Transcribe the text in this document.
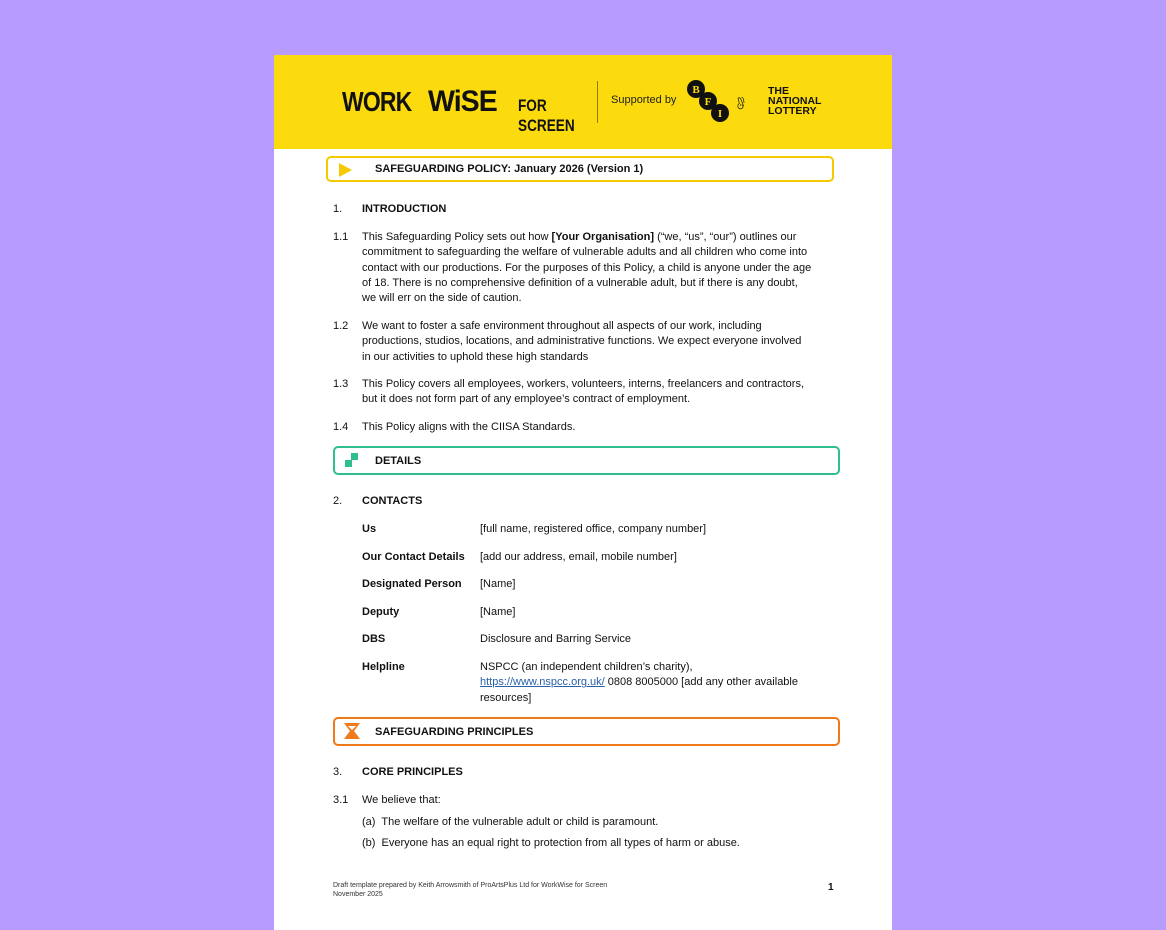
WORK WiSE	FOR SCREEN
Supported by
B
F
I
THE
NATIONAL
LOTTERY
SAFEGUARDING POLICY: January 2026 (Version 1)
1. INTRODUCTION
1.1 This Safeguarding Policy sets out how [Your Organisation] (“we, “us”, “our”) outlines our
commitment to safeguarding the welfare of vulnerable adults and all children who come into
contact with our productions. For the purposes of this Policy, a child is anyone under the age
of 18. There is no comprehensive definition of a vulnerable adult, but if there is any doubt,
we will err on the side of caution.
1.2 We want to foster a safe environment throughout all aspects of our work, including
productions, studios, locations, and administrative functions. We expect everyone involved
in our activities to uphold these high standards
1.3 This Policy covers all employees, workers, volunteers, interns, freelancers and contractors,
but it does not form part of any employee’s contract of employment.
1.4 This Policy aligns with the CIISA Standards.
DETAILS
2. CONTACTS
Us	[full name, registered office, company number]
Our Contact Details [add our address, email, mobile number]
Designated Person [Name]
Deputy	[Name]
DBS	Disclosure and Barring Service
Helpline	NSPCC (an independent children’s charity),
https://www.nspcc.org.uk/ 0808 8005000 [add any other available
resources]
SAFEGUARDING PRINCIPLES
3. CORE PRINCIPLES
3.1 We believe that:
(a)  The welfare of the vulnerable adult or child is paramount.
(b)  Everyone has an equal right to protection from all types of harm or abuse.
Draft template prepared by Keith Arrowsmith of ProArtsPlus Ltd for WorkWise for Screen
November 2025
1
